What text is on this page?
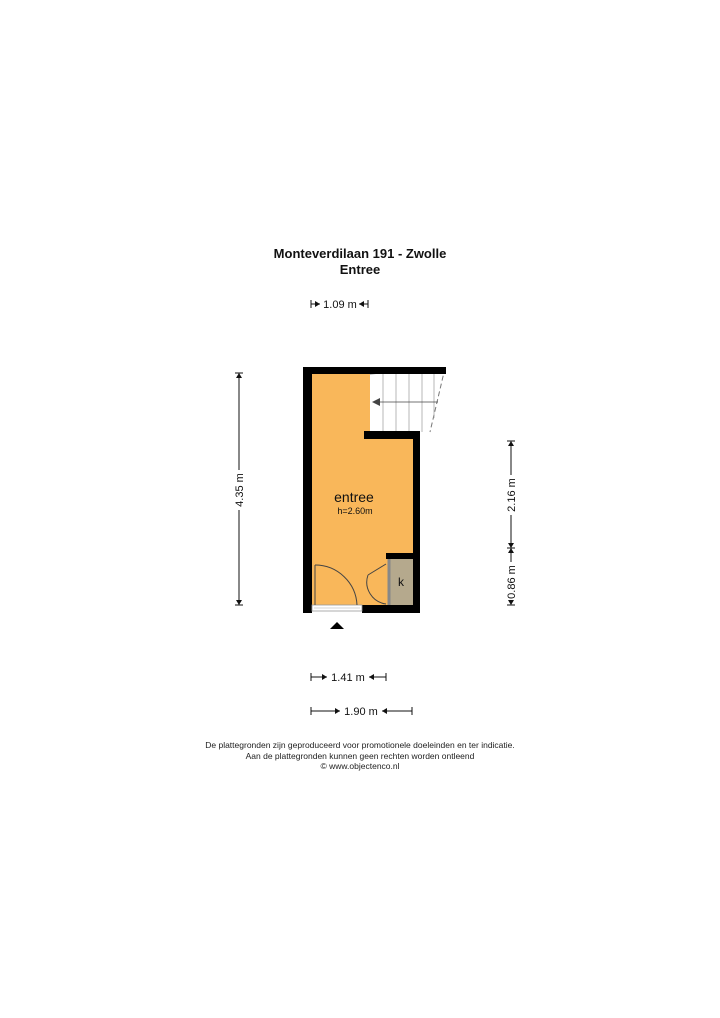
Monteverdilaan 191 - Zwolle
Entree
entree
h=2.60m
k
1.09 m
4.35 m	2.16 m
0.86 m
1.41 m
1.90 m
De plattegronden zijn geproduceerd voor promotionele doeleinden en ter indicatie.
Aan de plattegronden kunnen geen rechten worden ontleend
© www.objectenco.nl
